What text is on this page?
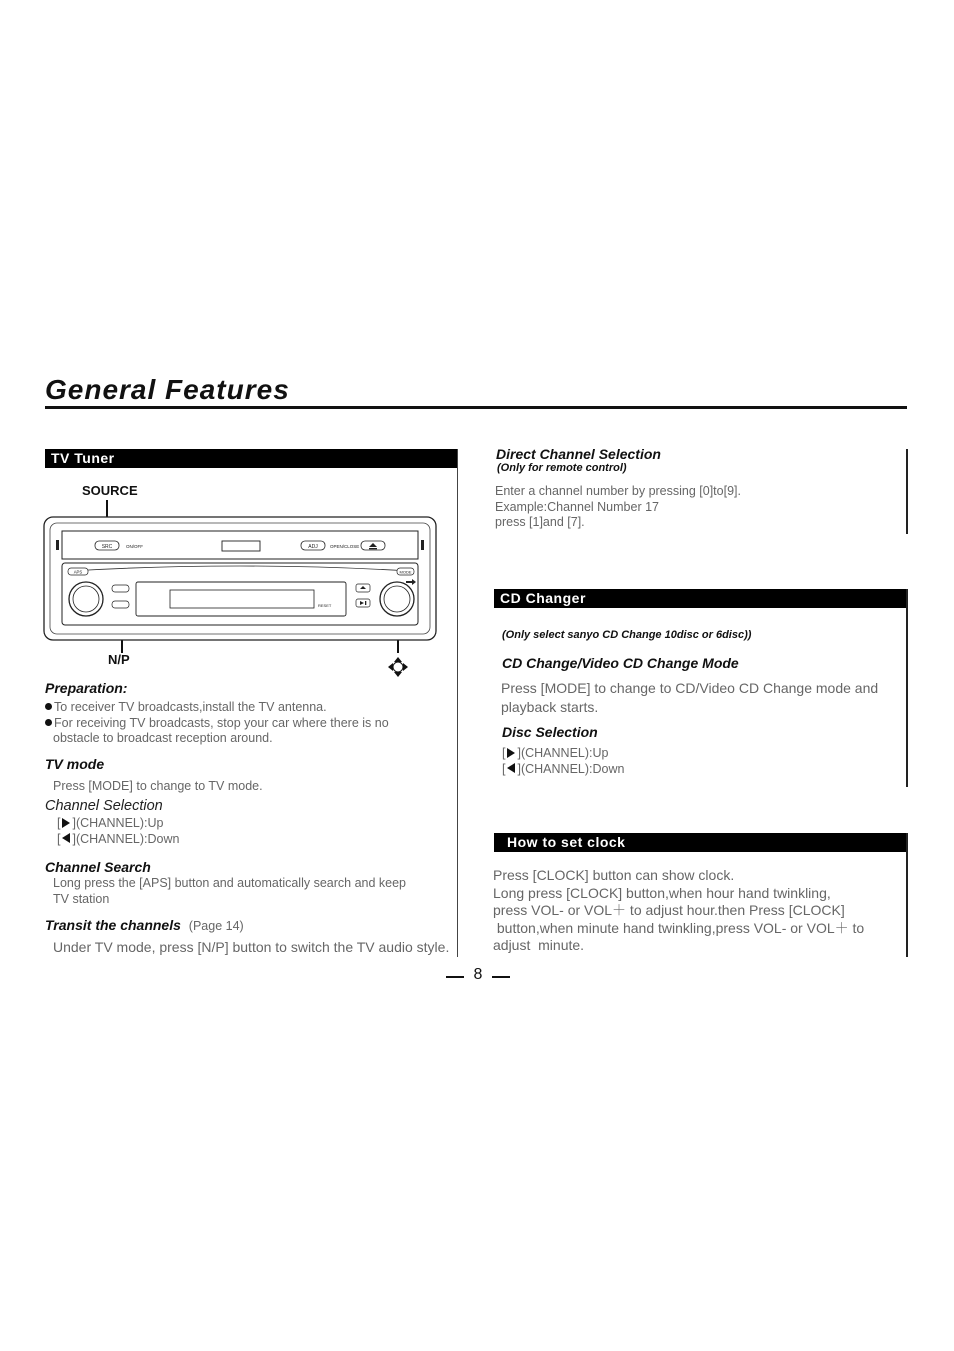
General Features
TV Tuner
SOURCE
N/P
SRC	ON/OFF	ADJ	OPEN/CLOSE
APS	MODE
RESET
Preparation:
To receiver TV broadcasts,install the TV antenna.
For receiving TV broadcasts, stop your car where there is no
obstacle to broadcast reception around.
TV mode
Press [MODE] to change to TV mode.
Channel Selection
[ ](CHANNEL):Up
[ ](CHANNEL):Down
Channel Search
Long press the [APS] button and automatically search and keep
TV station
Transit the channels (Page 14)
Under TV mode, press [N/P] button to switch the TV audio style.
Direct Channel Selection
(Only for remote control)
Enter a channel number by pressing [0]to[9].
Example:Channel Number 17
press [1]and [7].
CD Changer
(Only select sanyo CD Change 10disc or 6disc))
CD Change/Video CD Change Mode
Press [MODE] to change to CD/Video CD Change mode and
playback starts.
Disc Selection
[ ](CHANNEL):Up
[ ](CHANNEL):Down
How to set clock
Press [CLOCK] button can show clock.
Long press [CLOCK] button,when hour hand twinkling,
press VOL- or VOL＋ to adjust hour.then Press [CLOCK]
button,when minute hand twinkling,press VOL- or VOL＋ to
adjust  minute.
8
